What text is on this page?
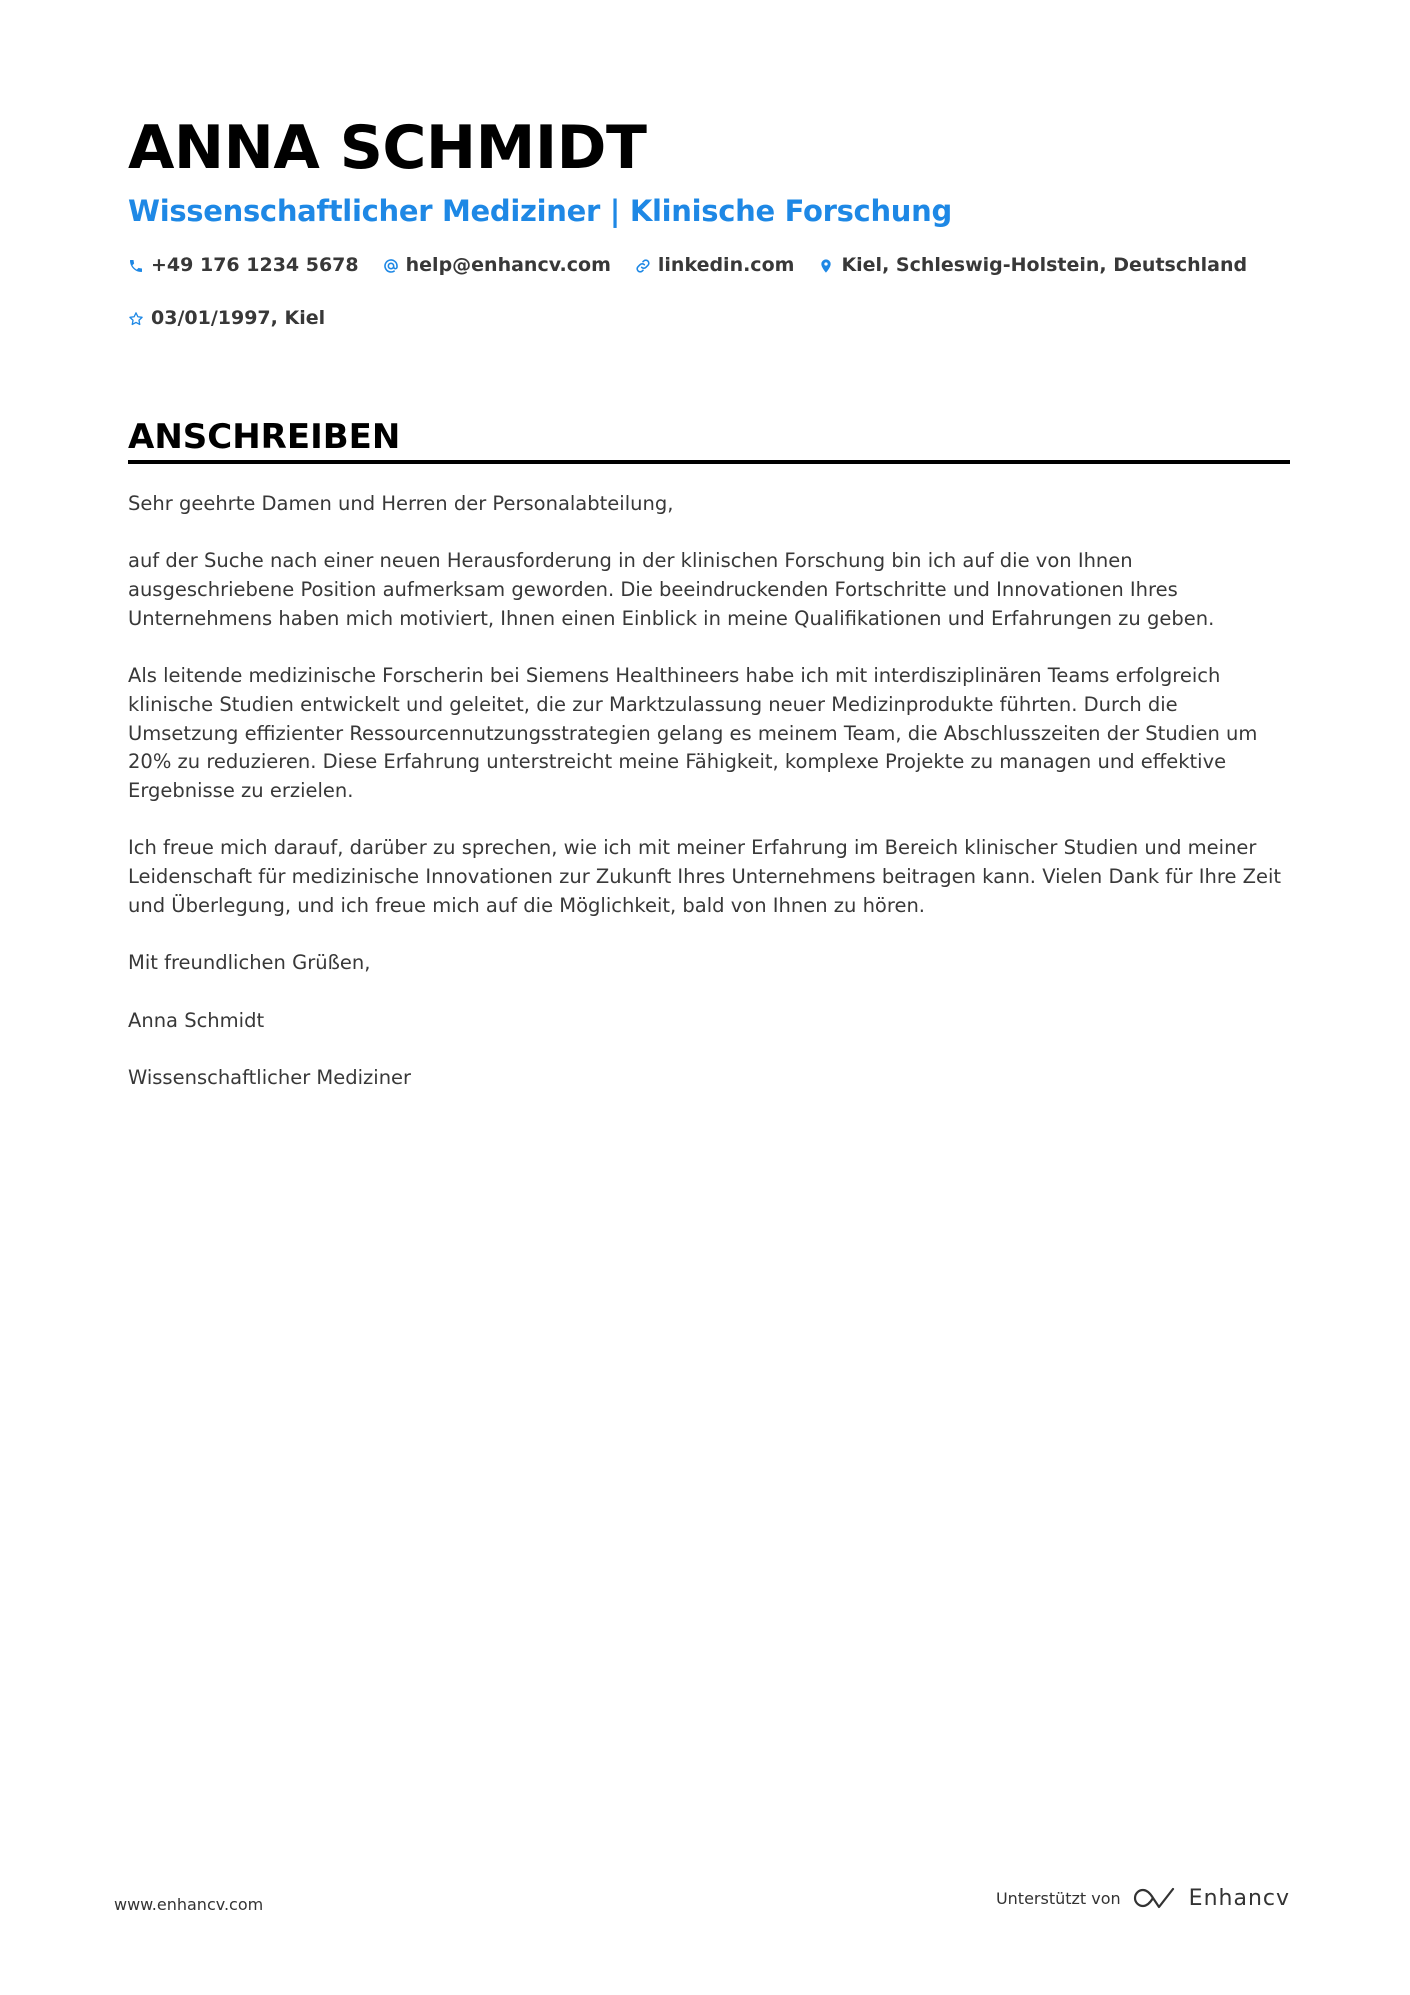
ANNA SCHMIDT
Wissenschaftlicher Mediziner | Klinische Forschung
+49 176 1234 5678 help@enhancv.com linkedin.com Kiel, Schleswig-Holstein, Deutschland
03/01/1997, Kiel
ANSCHREIBEN

Sehr geehrte Damen und Herren der Personalabteilung,

auf der Suche nach einer neuen Herausforderung in der klinischen Forschung bin ich auf die von Ihnen ausgeschriebene Position aufmerksam geworden. Die beeindruckenden Fortschritte und Innovationen Ihres Unternehmens haben mich motiviert, Ihnen einen Einblick in meine Qualifikationen und Erfahrungen zu geben.

Als leitende medizinische Forscherin bei Siemens Healthineers habe ich mit interdisziplinären Teams erfolgreich klinische Studien entwickelt und geleitet, die zur Marktzulassung neuer Medizinprodukte führten. Durch die Umsetzung effizienter Ressourcennutzungsstrategien gelang es meinem Team, die Abschlusszeiten der Studien um 20% zu reduzieren. Diese Erfahrung unterstreicht meine Fähigkeit, komplexe Projekte zu managen und effektive Ergebnisse zu erzielen.

Ich freue mich darauf, darüber zu sprechen, wie ich mit meiner Erfahrung im Bereich klinischer Studien und meiner Leidenschaft für medizinische Innovationen zur Zukunft Ihres Unternehmens beitragen kann. Vielen Dank für Ihre Zeit und Überlegung, und ich freue mich auf die Möglichkeit, bald von Ihnen zu hören.

Mit freundlichen Grüßen,

Anna Schmidt

Wissenschaftlicher Mediziner

www.enhancv.com	Unterstützt von	Enhancv
